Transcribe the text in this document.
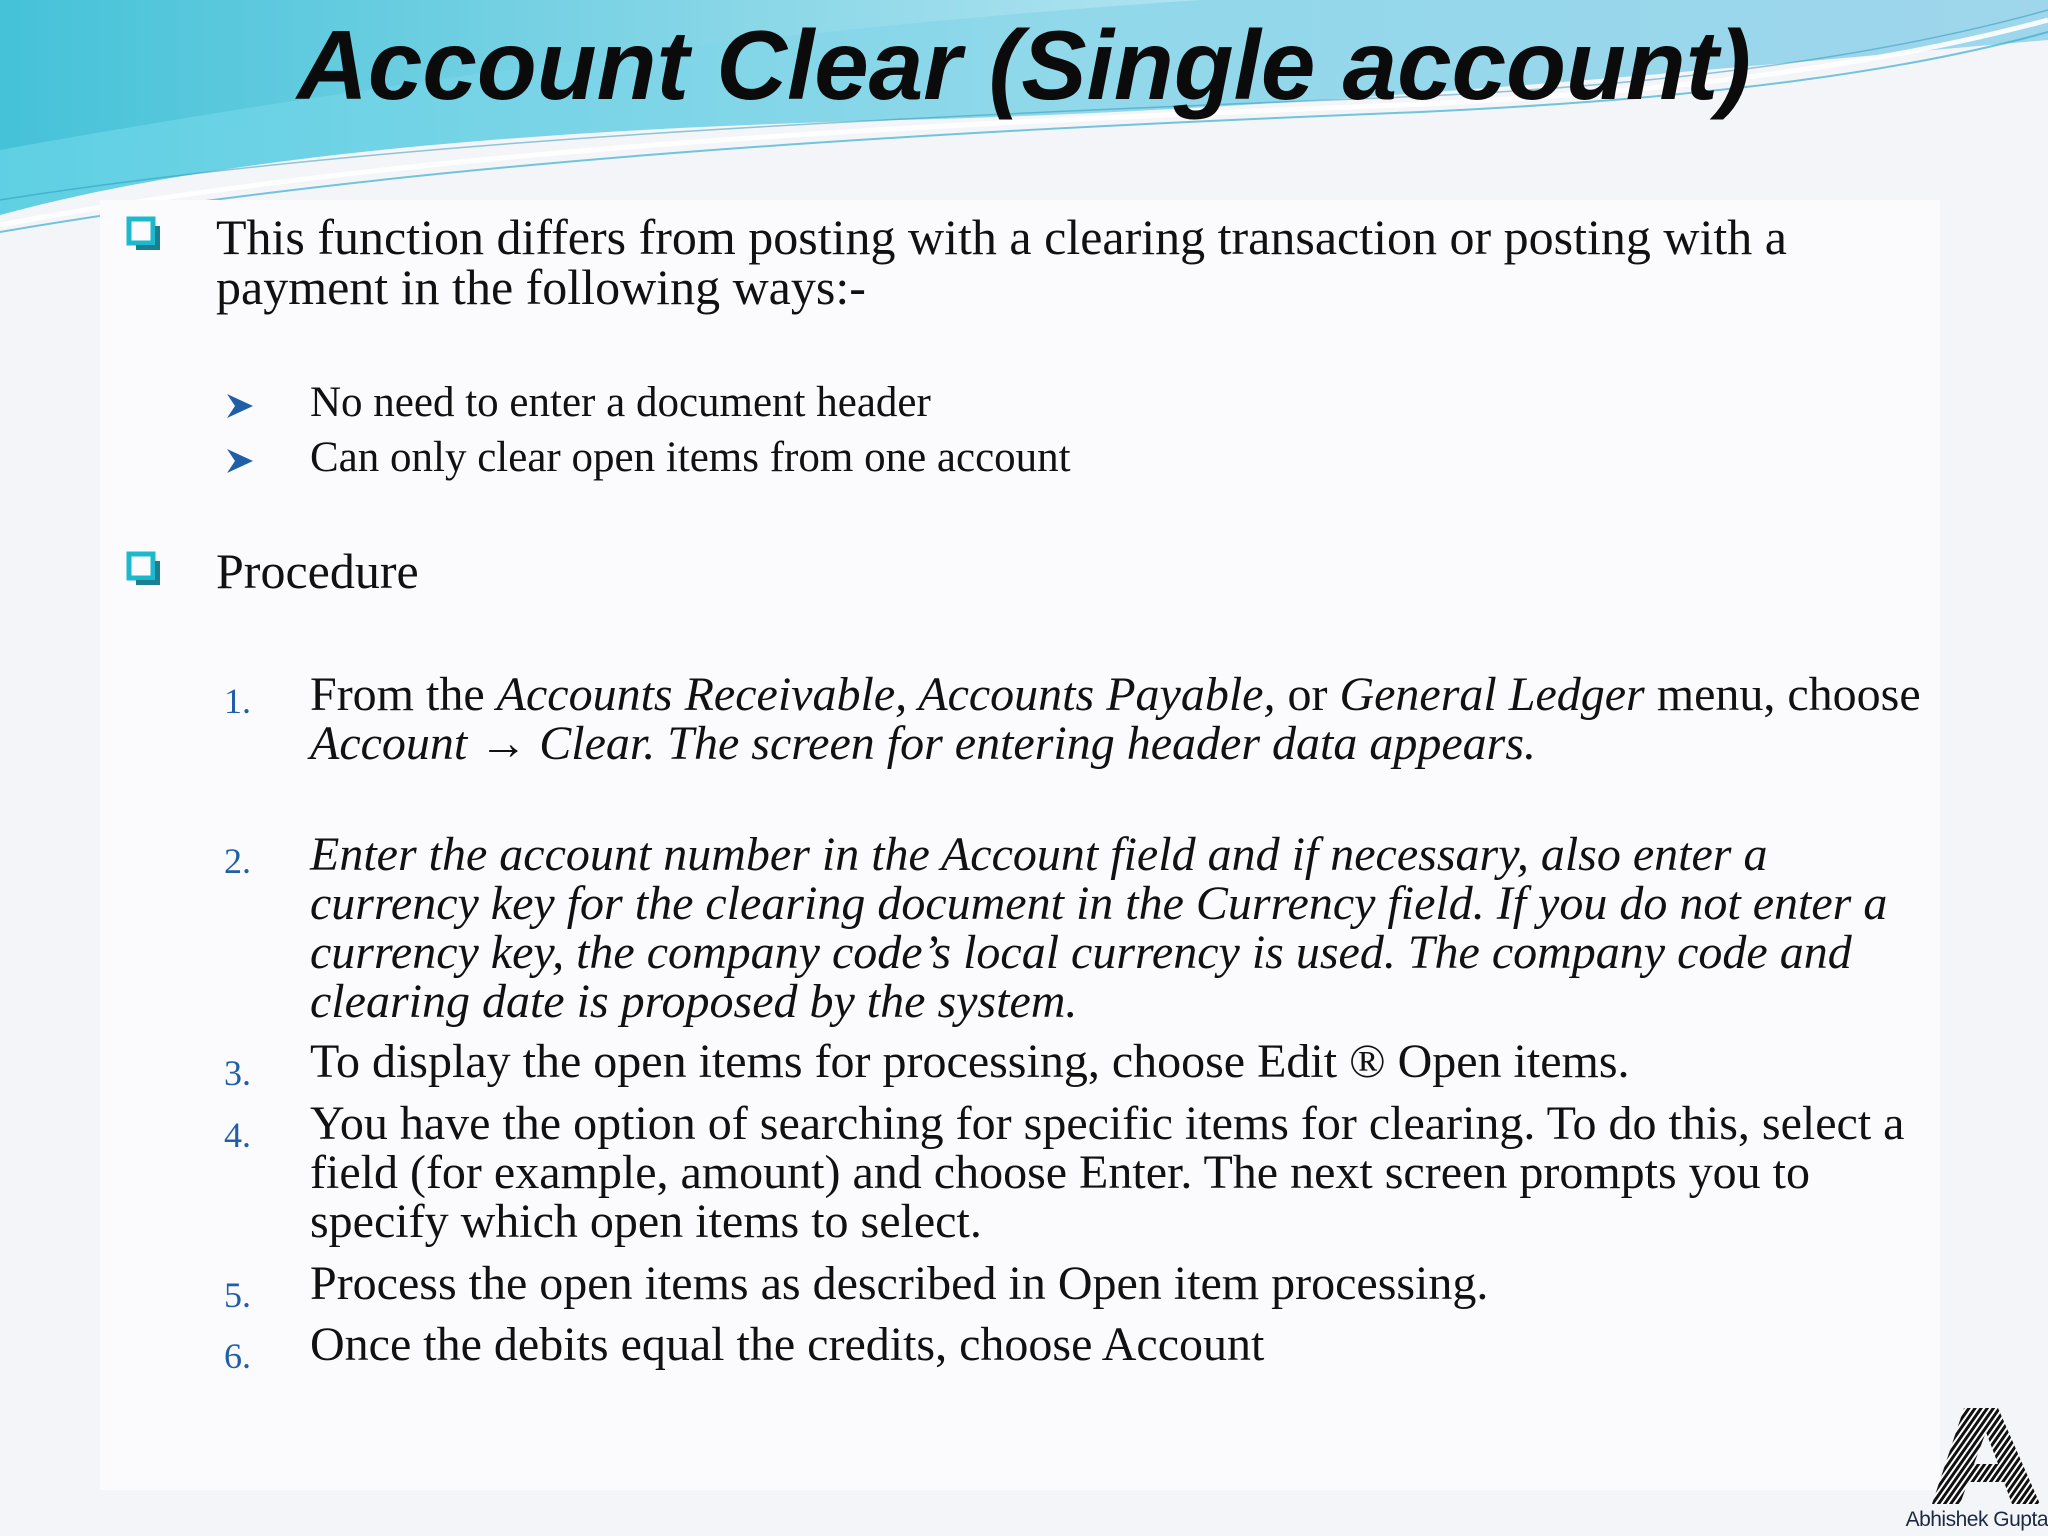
Account Clear (Single account)
This function differs from posting with a clearing transaction or posting with a payment in the following ways:-
No need to enter a document header
Can only clear open items from one account
Procedure
1.	From the Accounts Receivable, Accounts Payable, or General Ledger menu, choose Account → Clear. The screen for entering header data appears.
2.	Enter the account number in the Account field and if necessary, also enter a currency key for the clearing document in the Currency field. If you do not enter a currency key, the company code’s local currency is used. The company code and clearing date is proposed by the system.
3.	To display the open items for processing, choose Edit ® Open items.
4.	You have the option of searching for specific items for clearing. To do this, select a field (for example, amount) and choose Enter. The next screen prompts you to specify which open items to select.
5.	Process the open items as described in Open item processing.
6.	Once the debits equal the credits, choose Account
Abhishek Gupta
